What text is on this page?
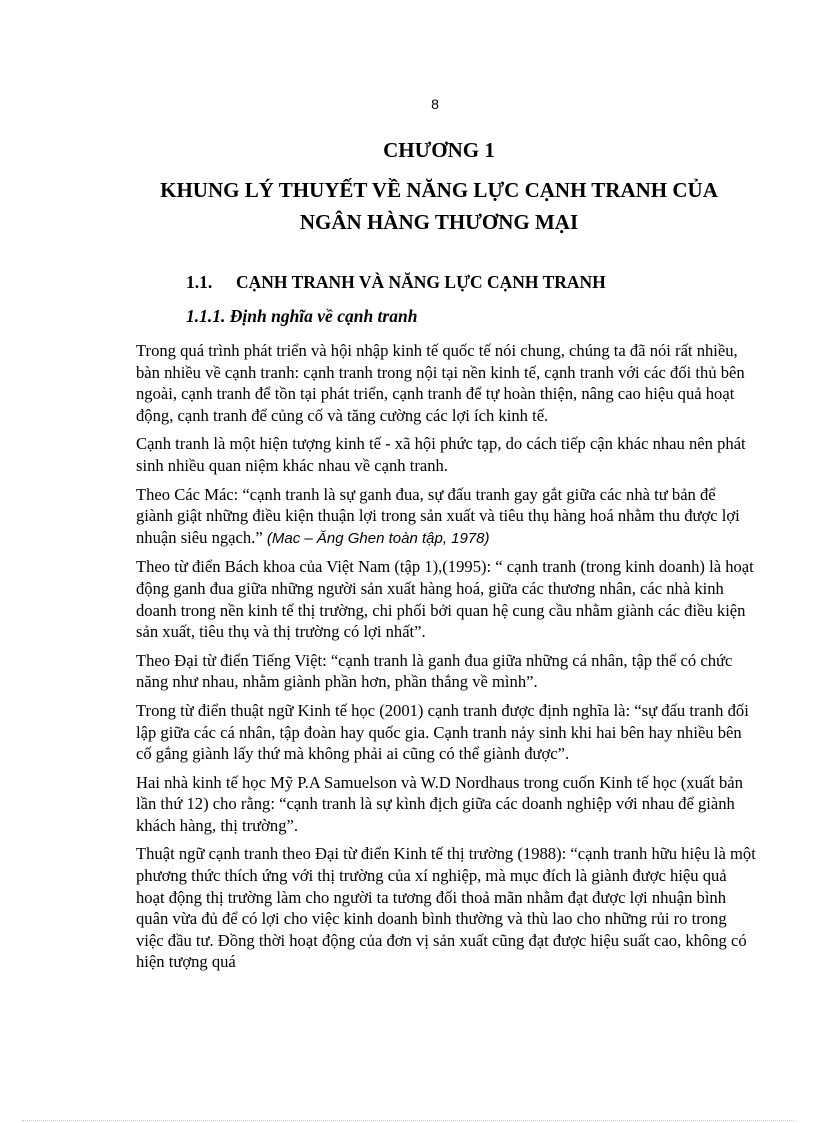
8
CHƯƠNG 1
KHUNG LÝ THUYẾT VỀ NĂNG LỰC CẠNH TRANH CỦA
NGÂN HÀNG THƯƠNG MẠI
1.1. CẠNH TRANH VÀ NĂNG LỰC CẠNH TRANH
1.1.1. Định nghĩa về cạnh tranh

Trong quá trình phát triển và hội nhập kinh tế quốc tế nói chung, chúng ta đã nói rất nhiều, bàn nhiều về cạnh tranh: cạnh tranh trong nội tại nền kinh tế, cạnh tranh với các đối thủ bên ngoài, cạnh tranh để tồn tại phát triển, cạnh tranh để tự hoàn thiện, nâng cao hiệu quả hoạt động, cạnh tranh để củng cố và tăng cường các lợi ích kinh tế.

Cạnh tranh là một hiện tượng kinh tế - xã hội phức tạp, do cách tiếp cận khác nhau nên phát sinh nhiều quan niệm khác nhau về cạnh tranh.

Theo Các Mác: “cạnh tranh là sự ganh đua, sự đấu tranh gay gắt giữa các nhà tư bản để giành giật những điều kiện thuận lợi trong sản xuất và tiêu thụ hàng hoá nhằm thu được lợi nhuận siêu ngạch.” (Mac – Ăng Ghen toàn tập, 1978)

Theo từ điển Bách khoa của Việt Nam (tập 1),(1995): “ cạnh tranh (trong kinh doanh) là hoạt động ganh đua giữa những người sản xuất hàng hoá, giữa các thương nhân, các nhà kinh doanh trong nền kinh tế thị trường, chi phối bởi quan hệ cung cầu nhằm giành các điều kiện sản xuất, tiêu thụ và thị trường có lợi nhất”.

Theo Đại từ điển Tiếng Việt: “cạnh tranh là ganh đua giữa những cá nhân, tập thể có chức năng như nhau, nhằm giành phần hơn, phần thắng về mình”.

Trong từ điển thuật ngữ Kinh tế học (2001) cạnh tranh được định nghĩa là: “sự đấu tranh đối lập giữa các cá nhân, tập đoàn hay quốc gia. Cạnh tranh nảy sinh khi hai bên hay nhiều bên cố gắng giành lấy thứ mà không phải ai cũng có thể giành được”.

Hai nhà kinh tế học Mỹ P.A Samuelson và W.D Nordhaus trong cuốn Kinh tế học (xuất bản lần thứ 12) cho rằng: “cạnh tranh là sự kình địch giữa các doanh nghiệp với nhau để giành khách hàng, thị trường”.

Thuật ngữ cạnh tranh theo Đại từ điển Kinh tế thị trường (1988): “cạnh tranh hữu hiệu là một phương thức thích ứng với thị trường của xí nghiệp, mà mục đích là giành được hiệu quả hoạt động thị trường làm cho người ta tương đối thoả mãn nhằm đạt được lợi nhuận bình quân vừa đủ để có lợi cho việc kinh doanh bình thường và thù lao cho những rủi ro trong việc đầu tư. Đồng thời hoạt động của đơn vị sản xuất cũng đạt được hiệu suất cao, không có hiện tượng quá
